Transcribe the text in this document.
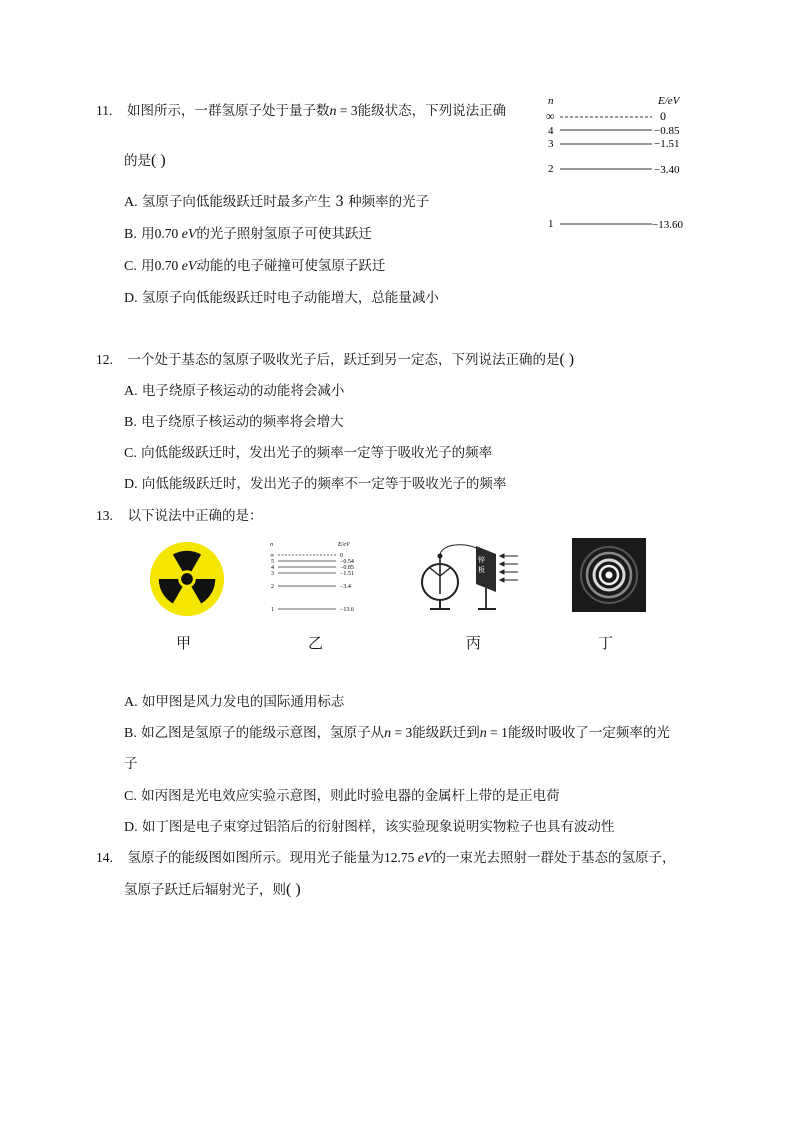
11. 如图所示，一群氢原子处于量子数n = 3能级状态，下列说法正确
的是( )
A. 氢原子向低能级跃迁时最多产生 3 种频率的光子
B. 用0.70 eV的光子照射氢原子可使其跃迁
C. 用0.70 eV动能的电子碰撞可使氢原子跃迁
D. 氢原子向低能级跃迁时电子动能增大，总能量减小
n	E/eV
∞	0
4	−0.85
3	−1.51
2	−3.40
1	−13.60
12. 一个处于基态的氢原子吸收光子后，跃迁到另一定态，下列说法正确的是( )
A. 电子绕原子核运动的动能将会减小
B. 电子绕原子核运动的频率将会增大
C. 向低能级跃迁时，发出光子的频率一定等于吸收光子的频率
D. 向低能级跃迁时，发出光子的频率不一定等于吸收光子的频率
13. 以下说法中正确的是：
n	E/eV
∞	0
5	−0.54
4	−0.85
3	−1.51
2	−3.4
1	−13.6
锌
板
甲	乙	丙	丁
A. 如甲图是风力发电的国际通用标志
B. 如乙图是氢原子的能级示意图，氢原子从n = 3能级跃迁到n = 1能级时吸收了一定频率的光
子
C. 如丙图是光电效应实验示意图，则此时验电器的金属杆上带的是正电荷
D. 如丁图是电子束穿过铝箔后的衍射图样，该实验现象说明实物粒子也具有波动性
14. 氢原子的能级图如图所示。现用光子能量为12.75 eV的一束光去照射一群处于基态的氢原子，
氢原子跃迁后辐射光子，则( )
